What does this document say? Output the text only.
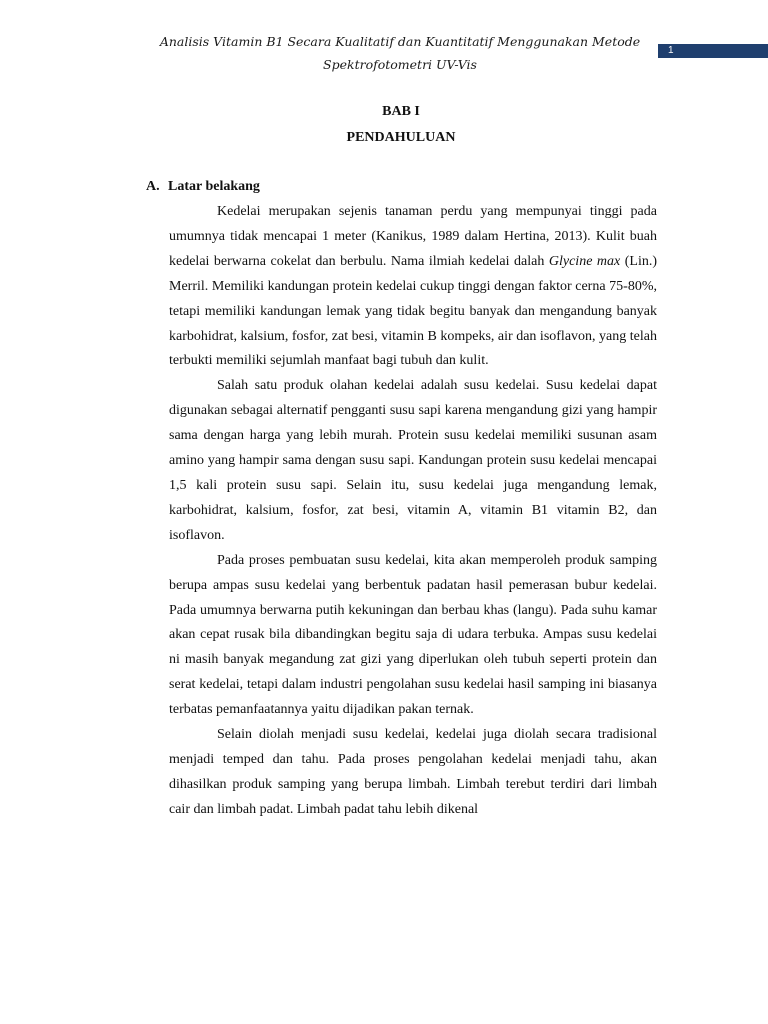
Analisis Vitamin B1 Secara Kualitatif dan Kuantitatif Menggunakan Metode
Spektrofotometri UV-Vis
1
BAB I
PENDAHULUAN
A. Latar belakang

Kedelai merupakan sejenis tanaman perdu yang mempunyai tinggi pada umumnya tidak mencapai 1 meter (Kanikus, 1989 dalam Hertina, 2013). Kulit buah kedelai berwarna cokelat dan berbulu. Nama ilmiah kedelai dalah Glycine max (Lin.) Merril. Memiliki kandungan protein kedelai cukup tinggi dengan faktor cerna 75-80%, tetapi memiliki kandungan lemak yang tidak begitu banyak dan mengandung banyak karbohidrat, kalsium, fosfor, zat besi, vitamin B kompeks, air dan isoflavon, yang telah terbukti memiliki sejumlah manfaat bagi tubuh dan kulit.

Salah satu produk olahan kedelai adalah susu kedelai. Susu kedelai dapat digunakan sebagai alternatif pengganti susu sapi karena mengandung gizi yang hampir sama dengan harga yang lebih murah. Protein susu kedelai memiliki susunan asam amino yang hampir sama dengan susu sapi. Kandungan protein susu kedelai mencapai 1,5 kali protein susu sapi. Selain itu, susu kedelai juga mengandung lemak, karbohidrat, kalsium, fosfor, zat besi, vitamin A, vitamin B1 vitamin B2, dan isoflavon.

Pada proses pembuatan susu kedelai, kita akan memperoleh produk samping berupa ampas susu kedelai yang berbentuk padatan hasil pemerasan bubur kedelai. Pada umumnya berwarna putih kekuningan dan berbau khas (langu). Pada suhu kamar akan cepat rusak bila dibandingkan begitu saja di udara terbuka. Ampas susu kedelai ni masih banyak megandung zat gizi yang diperlukan oleh tubuh seperti protein dan serat kedelai, tetapi dalam industri pengolahan susu kedelai hasil samping ini biasanya terbatas pemanfaatannya yaitu dijadikan pakan ternak.

Selain diolah menjadi susu kedelai, kedelai juga diolah secara tradisional menjadi temped dan tahu. Pada proses pengolahan kedelai menjadi tahu, akan dihasilkan produk samping yang berupa limbah. Limbah terebut terdiri dari limbah cair dan limbah padat. Limbah padat tahu lebih dikenal
